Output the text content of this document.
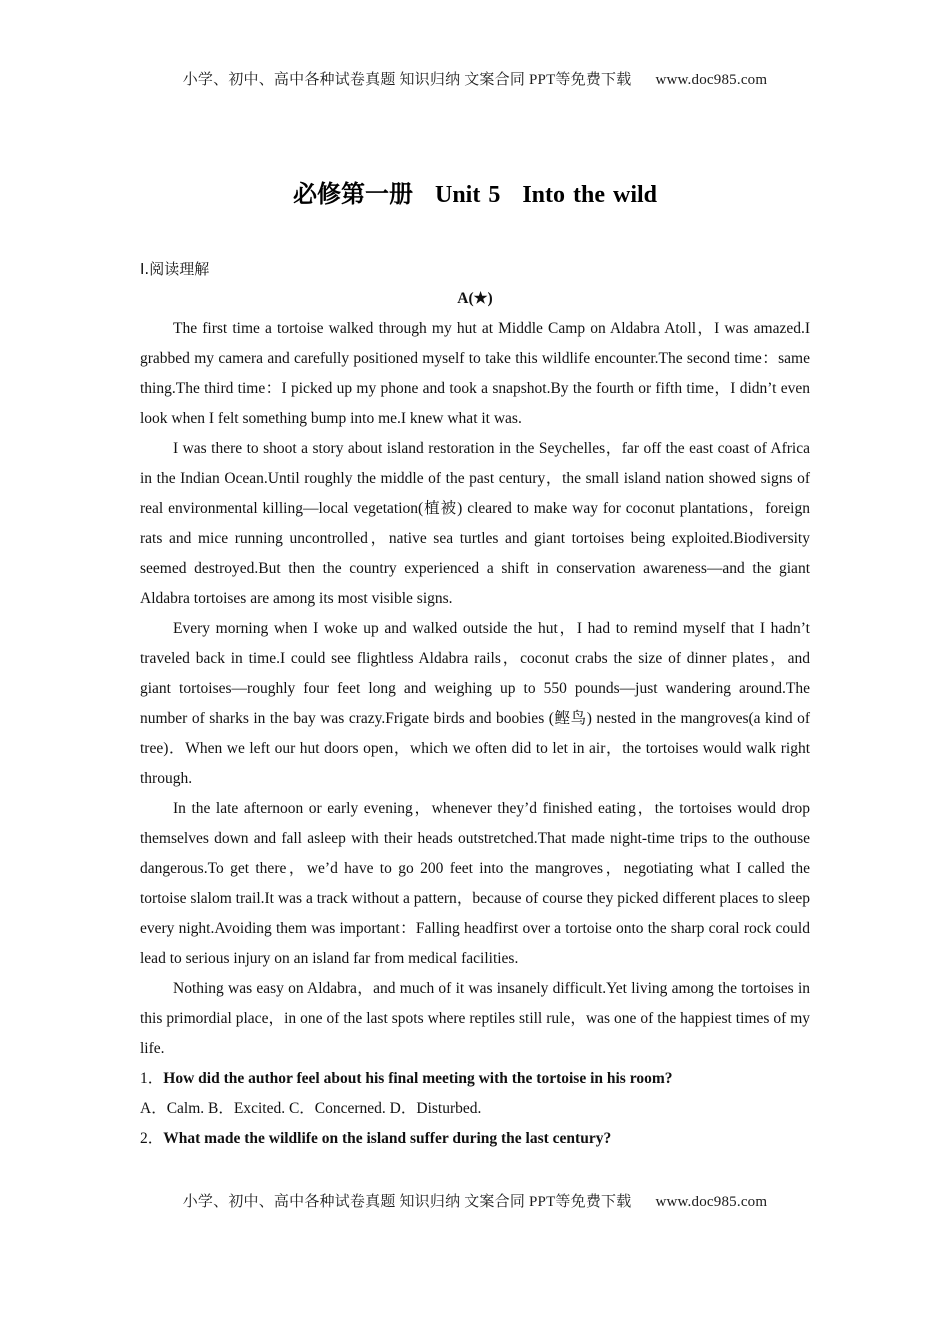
小学、初中、高中各种试卷真题 知识归纳 文案合同 PPT等免费下载 www.doc985.com
必修第一册 Unit 5 Into the wild
Ⅰ.阅读理解
A(★)

The first time a tortoise walked through my hut at Middle Camp on Aldabra Atoll，I was amazed.I grabbed my camera and carefully positioned myself to take this wildlife encounter.The second time：same thing.The third time：I picked up my phone and took a snapshot.By the fourth or fifth time，I didn’t even look when I felt something bump into me.I knew what it was.

I was there to shoot a story about island restoration in the Seychelles，far off the east coast of Africa in the Indian Ocean.Until roughly the middle of the past century，the small island nation showed signs of real environmental killing—local vegetation(植被) cleared to make way for coconut plantations，foreign rats and mice running uncontrolled，native sea turtles and giant tortoises being exploited.Biodiversity seemed destroyed.But then the country experienced a shift in conservation awareness—and the giant Aldabra tortoises are among its most visible signs.

Every morning when I woke up and walked outside the hut，I had to remind myself that I hadn’t traveled back in time.I could see flightless Aldabra rails，coconut crabs the size of dinner plates，and giant tortoises—roughly four feet long and weighing up to 550 pounds—just wandering around.The number of sharks in the bay was crazy.Frigate birds and boobies (鲣鸟) nested in the mangroves(a kind of tree)．When we left our hut doors open，which we often did to let in air，the tortoises would walk right through.

In the late afternoon or early evening，whenever they’d finished eating，the tortoises would drop themselves down and fall asleep with their heads outstretched.That made night-time trips to the outhouse dangerous.To get there，we’d have to go 200 feet into the mangroves，negotiating what I called the tortoise slalom trail.It was a track without a pattern，because of course they picked different places to sleep every night.Avoiding them was important：Falling headfirst over a tortoise onto the sharp coral rock could lead to serious injury on an island far from medical facilities.

Nothing was easy on Aldabra，and much of it was insanely difficult.Yet living among the tortoises in this primordial place，in one of the last spots where reptiles still rule，was one of the happiest times of my life.

1．How did the author feel about his final meeting with the tortoise in his room?

A．Calm. B．Excited. C．Concerned. D．Disturbed.

2．What made the wildlife on the island suffer during the last century?

小学、初中、高中各种试卷真题 知识归纳 文案合同 PPT等免费下载 www.doc985.com
